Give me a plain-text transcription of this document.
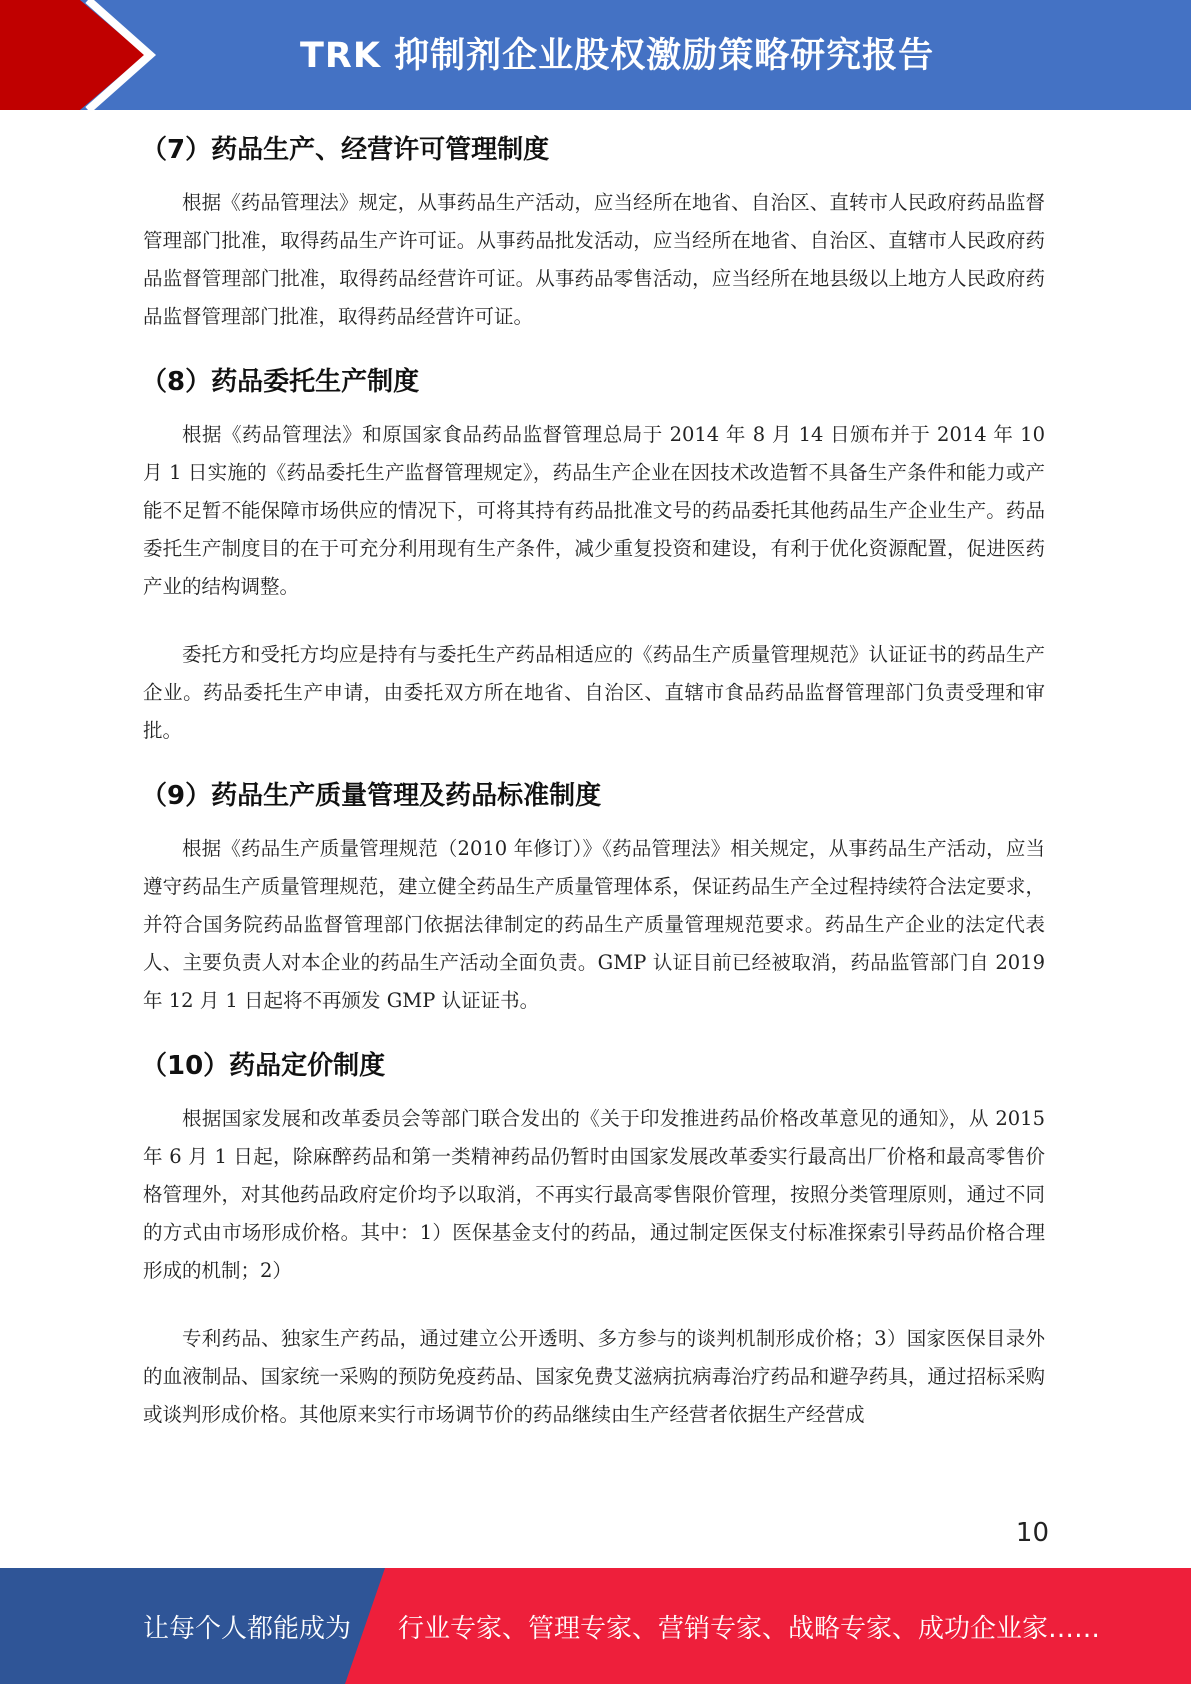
TRK 抑制剂企业股权激励策略研究报告
（7）药品生产、经营许可管理制度

根据《药品管理法》规定，从事药品生产活动，应当经所在地省、自治区、直转市人民政府药品监督管理部门批准，取得药品生产许可证。从事药品批发活动，应当经所在地省、自治区、直辖市人民政府药品监督管理部门批准，取得药品经营许可证。从事药品零售活动，应当经所在地县级以上地方人民政府药品监督管理部门批准，取得药品经营许可证。

（8）药品委托生产制度

根据《药品管理法》和原国家食品药品监督管理总局于 2014 年 8 月 14 日颁布并于 2014 年 10 月 1 日实施的《药品委托生产监督管理规定》，药品生产企业在因技术改造暂不具备生产条件和能力或产能不足暂不能保障市场供应的情况下，可将其持有药品批准文号的药品委托其他药品生产企业生产。药品委托生产制度目的在于可充分利用现有生产条件，减少重复投资和建设，有利于优化资源配置，促进医药产业的结构调整。

委托方和受托方均应是持有与委托生产药品相适应的《药品生产质量管理规范》认证证书的药品生产企业。药品委托生产申请，由委托双方所在地省、自治区、直辖市食品药品监督管理部门负责受理和审批。

（9）药品生产质量管理及药品标准制度

根据《药品生产质量管理规范（2010 年修订）》《药品管理法》相关规定，从事药品生产活动，应当遵守药品生产质量管理规范，建立健全药品生产质量管理体系，保证药品生产全过程持续符合法定要求，并符合国务院药品监督管理部门依据法律制定的药品生产质量管理规范要求。药品生产企业的法定代表人、主要负责人对本企业的药品生产活动全面负责。GMP 认证目前已经被取消，药品监管部门自 2019 年 12 月 1 日起将不再颁发 GMP 认证证书。

（10）药品定价制度

根据国家发展和改革委员会等部门联合发出的《关于印发推进药品价格改革意见的通知》，从 2015 年 6 月 1 日起，除麻醉药品和第一类精神药品仍暂时由国家发展改革委实行最高出厂价格和最高零售价格管理外，对其他药品政府定价均予以取消，不再实行最高零售限价管理，按照分类管理原则，通过不同的方式由市场形成价格。其中：1）医保基金支付的药品，通过制定医保支付标准探索引导药品价格合理形成的机制；2）

专利药品、独家生产药品，通过建立公开透明、多方参与的谈判机制形成价格；3）国家医保目录外的血液制品、国家统一采购的预防免疫药品、国家免费艾滋病抗病毒治疗药品和避孕药具，通过招标采购或谈判形成价格。其他原来实行市场调节价的药品继续由生产经营者依据生产经营成

10
让每个人都能成为 行业专家、管理专家、营销专家、战略专家、成功企业家……
